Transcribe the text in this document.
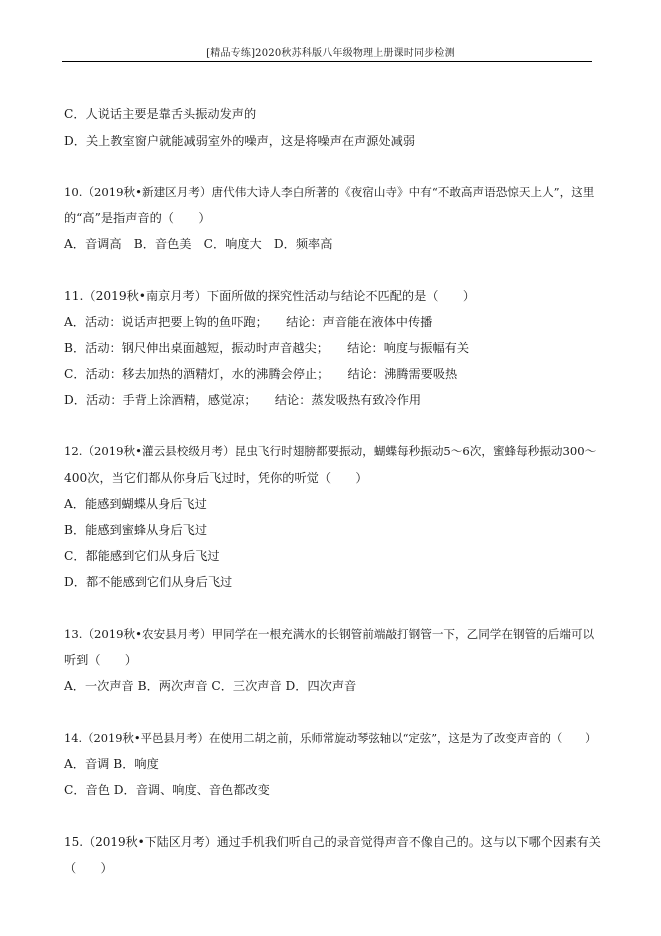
[精品专练]2020秋苏科版八年级物理上册课时同步检测
C．人说话主要是靠舌头振动发声的
D．关上教室窗户就能减弱室外的噪声，这是将噪声在声源处减弱
10.（2019秋•新建区月考）唐代伟大诗人李白所著的《夜宿山寺》中有“不敢高声语恐惊天上人”，这里
的“高”是指声音的（　　）
A．音调高　B．音色美　C．响度大　D．频率高
11.（2019秋•南京月考）下面所做的探究性活动与结论不匹配的是（　　）
A．活动：说话声把要上钩的鱼吓跑；　　结论：声音能在液体中传播
B．活动：钢尺伸出桌面越短，振动时声音越尖；　　结论：响度与振幅有关
C．活动：移去加热的酒精灯，水的沸腾会停止；　　结论：沸腾需要吸热
D．活动：手背上涂酒精，感觉凉；　　结论：蒸发吸热有致冷作用
12.（2019秋•灌云县校级月考）昆虫飞行时翅膀都要振动，蝴蝶每秒振动5～6次，蜜蜂每秒振动300～
400次，当它们都从你身后飞过时，凭你的听觉（　　）
A．能感到蝴蝶从身后飞过
B．能感到蜜蜂从身后飞过
C．都能感到它们从身后飞过
D．都不能感到它们从身后飞过
13.（2019秋•农安县月考）甲同学在一根充满水的长钢管前端敲打钢管一下，乙同学在钢管的后端可以
听到（　　）
A．一次声音 B．两次声音 C．三次声音 D．四次声音
14.（2019秋•平邑县月考）在使用二胡之前，乐师常旋动琴弦轴以“定弦”，这是为了改变声音的（　　）
A．音调 B．响度
C．音色 D．音调、响度、音色都改变
15.（2019秋•下陆区月考）通过手机我们听自己的录音觉得声音不像自己的。这与以下哪个因素有关
（　　）
